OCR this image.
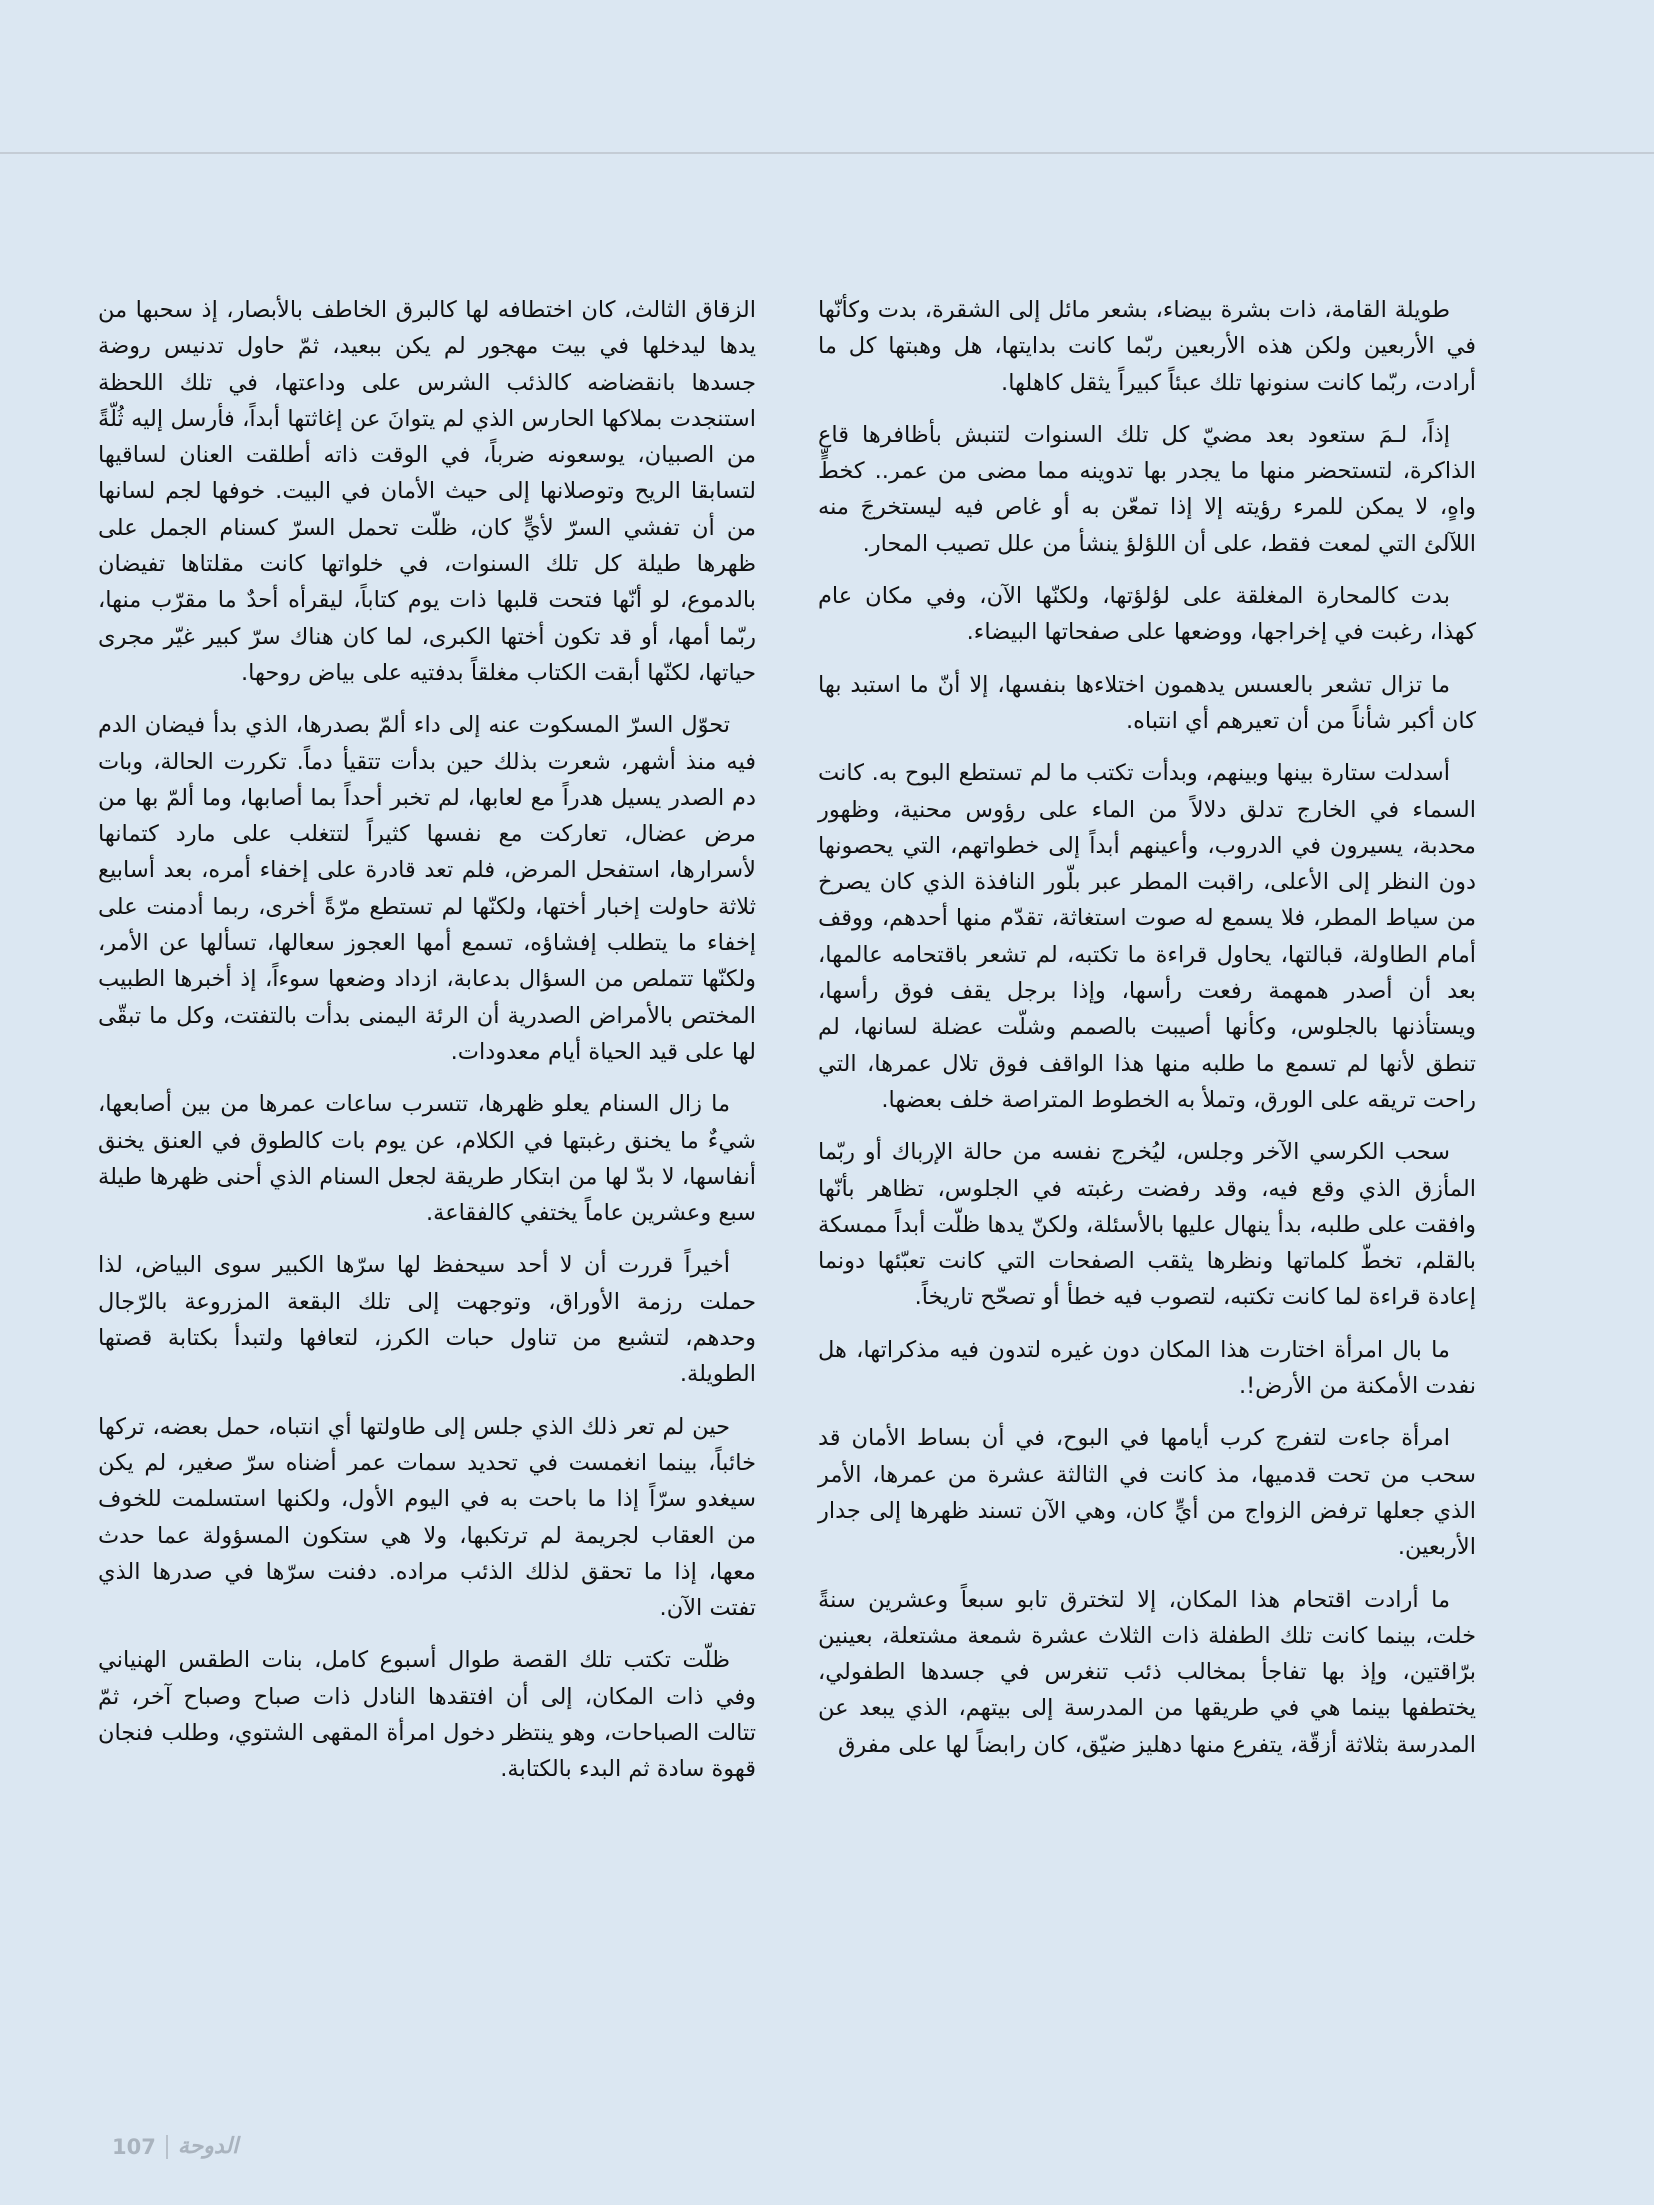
طويلة القامة، ذات بشرة بيضاء، بشعر مائل إلى الشقرة، بدت وكأنّها في الأربعين ولكن هذه الأربعين ربّما كانت بدايتها، هل وهبتها كل ما أرادت، ربّما كانت سنونها تلك عبئاً كبيراً يثقل كاهلها.

إذاً، لـمَ ستعود بعد مضيّ كل تلك السنوات لتنبش بأظافرها قاع الذاكرة، لتستحضر منها ما يجدر بها تدوينه مما مضى من عمر.. كخطٍّ واهٍ، لا يمكن للمرء رؤيته إلا إذا تمعّن به أو غاص فيه ليستخرجَ منه اللآلئ التي لمعت فقط، على أن اللؤلؤ ينشأ من علل تصيب المحار.

بدت كالمحارة المغلقة على لؤلؤتها، ولكنّها الآن، وفي مكان عام كهذا، رغبت في إخراجها، ووضعها على صفحاتها البيضاء.

ما تزال تشعر بالعسس يدهمون اختلاءها بنفسها، إلا أنّ ما استبد بها كان أكبر شأناً من أن تعيرهم أي انتباه.

أسدلت ستارة بينها وبينهم، وبدأت تكتب ما لم تستطع البوح به. كانت السماء في الخارج تدلق دلالاً من الماء على رؤوس محنية، وظهور محدبة، يسيرون في الدروب، وأعينهم أبداً إلى خطواتهم، التي يحصونها دون النظر إلى الأعلى، راقبت المطر عبر بلّور النافذة الذي كان يصرخ من سياط المطر، فلا يسمع له صوت استغاثة، تقدّم منها أحدهم، ووقف أمام الطاولة، قبالتها، يحاول قراءة ما تكتبه، لم تشعر باقتحامه عالمها، بعد أن أصدر همهمة رفعت رأسها، وإذا برجل يقف فوق رأسها، ويستأذنها بالجلوس، وكأنها أصيبت بالصمم وشلّت عضلة لسانها، لم تنطق لأنها لم تسمع ما طلبه منها هذا الواقف فوق تلال عمرها، التي راحت تريقه على الورق، وتملأ به الخطوط المتراصة خلف بعضها.

سحب الكرسي الآخر وجلس، ليُخرج نفسه من حالة الإرباك أو ربّما المأزق الذي وقع فيه، وقد رفضت رغبته في الجلوس، تظاهر بأنّها وافقت على طلبه، بدأ ينهال عليها بالأسئلة، ولكنّ يدها ظلّت أبداً ممسكة بالقلم، تخطّ كلماتها ونظرها يثقب الصفحات التي كانت تعبّئها دونما إعادة قراءة لما كانت تكتبه، لتصوب فيه خطأ أو تصحّح تاريخاً.

ما بال امرأة اختارت هذا المكان دون غيره لتدون فيه مذكراتها، هل نفدت الأمكنة من الأرض!.

امرأة جاءت لتفرج كرب أيامها في البوح، في أن بساط الأمان قد سحب من تحت قدميها، مذ كانت في الثالثة عشرة من عمرها، الأمر الذي جعلها ترفض الزواج من أيٍّ كان، وهي الآن تسند ظهرها إلى جدار الأربعين.

ما أرادت اقتحام هذا المكان، إلا لتخترق تابو سبعاً وعشرين سنةً خلت، بينما كانت تلك الطفلة ذات الثلاث عشرة شمعة مشتعلة، بعينين برّاقتين، وإذ بها تفاجأ بمخالب ذئب تنغرس في جسدها الطفولي، يختطفها بينما هي في طريقها من المدرسة إلى بيتهم، الذي يبعد عن المدرسة بثلاثة أزقّة، يتفرع منها دهليز ضيّق، كان رابضاً لها على مفرق

الزقاق الثالث، كان اختطافه لها كالبرق الخاطف بالأبصار، إذ سحبها من يدها ليدخلها في بيت مهجور لم يكن ببعيد، ثمّ حاول تدنيس روضة جسدها بانقضاضه كالذئب الشرس على وداعتها، في تلك اللحظة استنجدت بملاكها الحارس الذي لم يتوانَ عن إغاثتها أبداً، فأرسل إليه ثُلّةً من الصبيان، يوسعونه ضرباً، في الوقت ذاته أطلقت العنان لساقيها لتسابقا الريح وتوصلانها إلى حيث الأمان في البيت. خوفها لجم لسانها من أن تفشي السرّ لأيٍّ كان، ظلّت تحمل السرّ كسنام الجمل على ظهرها طيلة كل تلك السنوات، في خلواتها كانت مقلتاها تفيضان بالدموع، لو أنّها فتحت قلبها ذات يوم كتاباً، ليقرأه أحدٌ ما مقرّب منها، ربّما أمها، أو قد تكون أختها الكبرى، لما كان هناك سرّ كبير غيّر مجرى حياتها، لكنّها أبقت الكتاب مغلقاً بدفتيه على بياض روحها.

تحوّل السرّ المسكوت عنه إلى داء ألمّ بصدرها، الذي بدأ فيضان الدم فيه منذ أشهر، شعرت بذلك حين بدأت تتقيأ دماً. تكررت الحالة، وبات دم الصدر يسيل هدراً مع لعابها، لم تخبر أحداً بما أصابها، وما ألمّ بها من مرض عضال، تعاركت مع نفسها كثيراً لتتغلب على مارد كتمانها لأسرارها، استفحل المرض، فلم تعد قادرة على إخفاء أمره، بعد أسابيع ثلاثة حاولت إخبار أختها، ولكنّها لم تستطع مرّةً أخرى، ربما أدمنت على إخفاء ما يتطلب إفشاؤه، تسمع أمها العجوز سعالها، تسألها عن الأمر، ولكنّها تتملص من السؤال بدعابة، ازداد وضعها سوءاً، إذ أخبرها الطبيب المختص بالأمراض الصدرية أن الرئة اليمنى بدأت بالتفتت، وكل ما تبقّى لها على قيد الحياة أيام معدودات.

ما زال السنام يعلو ظهرها، تتسرب ساعات عمرها من بين أصابعها، شيءٌ ما يخنق رغبتها في الكلام، عن يوم بات كالطوق في العنق يخنق أنفاسها، لا بدّ لها من ابتكار طريقة لجعل السنام الذي أحنى ظهرها طيلة سبع وعشرين عاماً يختفي كالفقاعة.

أخيراً قررت أن لا أحد سيحفظ لها سرّها الكبير سوى البياض، لذا حملت رزمة الأوراق، وتوجهت إلى تلك البقعة المزروعة بالرّجال وحدهم، لتشبع من تناول حبات الكرز، لتعافها ولتبدأ بكتابة قصتها الطويلة.

حين لم تعر ذلك الذي جلس إلى طاولتها أي انتباه، حمل بعضه، تركها خائباً، بينما انغمست في تحديد سمات عمر أضناه سرّ صغير، لم يكن سيغدو سرّاً إذا ما باحت به في اليوم الأول، ولكنها استسلمت للخوف من العقاب لجريمة لم ترتكبها، ولا هي ستكون المسؤولة عما حدث معها، إذا ما تحقق لذلك الذئب مراده. دفنت سرّها في صدرها الذي تفتت الآن.

ظلّت تكتب تلك القصة طوال أسبوع كامل، بنات الطقس الهنياني وفي ذات المكان، إلى أن افتقدها النادل ذات صباح وصباح آخر، ثمّ تتالت الصباحات، وهو ينتظر دخول امرأة المقهى الشتوي، وطلب فنجان قهوة سادة ثم البدء بالكتابة.

107 الدوحة
